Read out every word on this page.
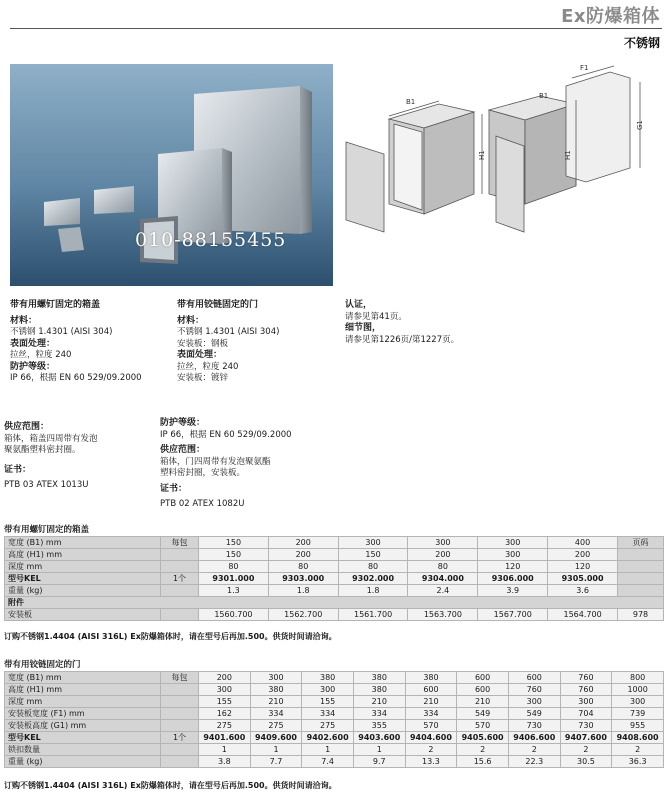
Ex防爆箱体
不锈钢
010-88155455
B1
H1
F1
B1
G1
H1
带有用螺钉固定的箱盖
材料：
不锈钢 1.4301 (AISI 304)
表面处理：
拉丝，粒度 240
防护等级：
IP 66，根据 EN 60 529/09.2000
供应范围：
箱体，箱盖四周带有发泡
聚氨酯塑料密封圈。
证书：
PTB 03 ATEX 1013U
带有用铰链固定的门
材料：
不锈钢 1.4301 (AISI 304)
安装板：钢板
表面处理：
拉丝，粒度 240
安装板：镀锌
防护等级：
IP 66，根据 EN 60 529/09.2000
供应范围：
箱体，门四周带有发泡聚氨酯
塑料密封圈，安装板。
证书：
PTB 02 ATEX 1082U
认证，
请参见第41页。
细节图，
请参见第1226页/第1227页。
带有用螺钉固定的箱盖
宽度 (B1) mm	每包	150	200	300	300	300	400	页码
高度 (H1) mm		150	200	150	200	300	200	
深度 mm		80	80	80	80	120	120	
型号KEL	1个	9301.000	9303.000	9302.000	9304.000	9306.000	9305.000	
重量 (kg)		1.3	1.8	1.8	2.4	3.9	3.6	
附件								
安装板		1560.700	1562.700	1561.700	1563.700	1567.700	1564.700	978
订购不锈钢1.4404 (AISI 316L) Ex防爆箱体时，请在型号后再加.500。供货时间请洽询。
带有用铰链固定的门
宽度 (B1) mm	每包	200	300	380	380	380	600	600	760	800
高度 (H1) mm		300	380	300	380	600	600	760	760	1000
深度 mm		155	210	155	210	210	210	300	300	300
安装板宽度 (F1) mm		162	334	334	334	334	549	549	704	739
安装板高度 (G1) mm		275	275	275	355	570	570	730	730	955
型号KEL	1个	9401.600	9409.600	9402.600	9403.600	9404.600	9405.600	9406.600	9407.600	9408.600
锁扣数量		1	1	1	1	2	2	2	2	2
重量 (kg)		3.8	7.7	7.4	9.7	13.3	15.6	22.3	30.5	36.3
订购不锈钢1.4404 (AISI 316L) Ex防爆箱体时，请在型号后再加.500。供货时间请洽询。
